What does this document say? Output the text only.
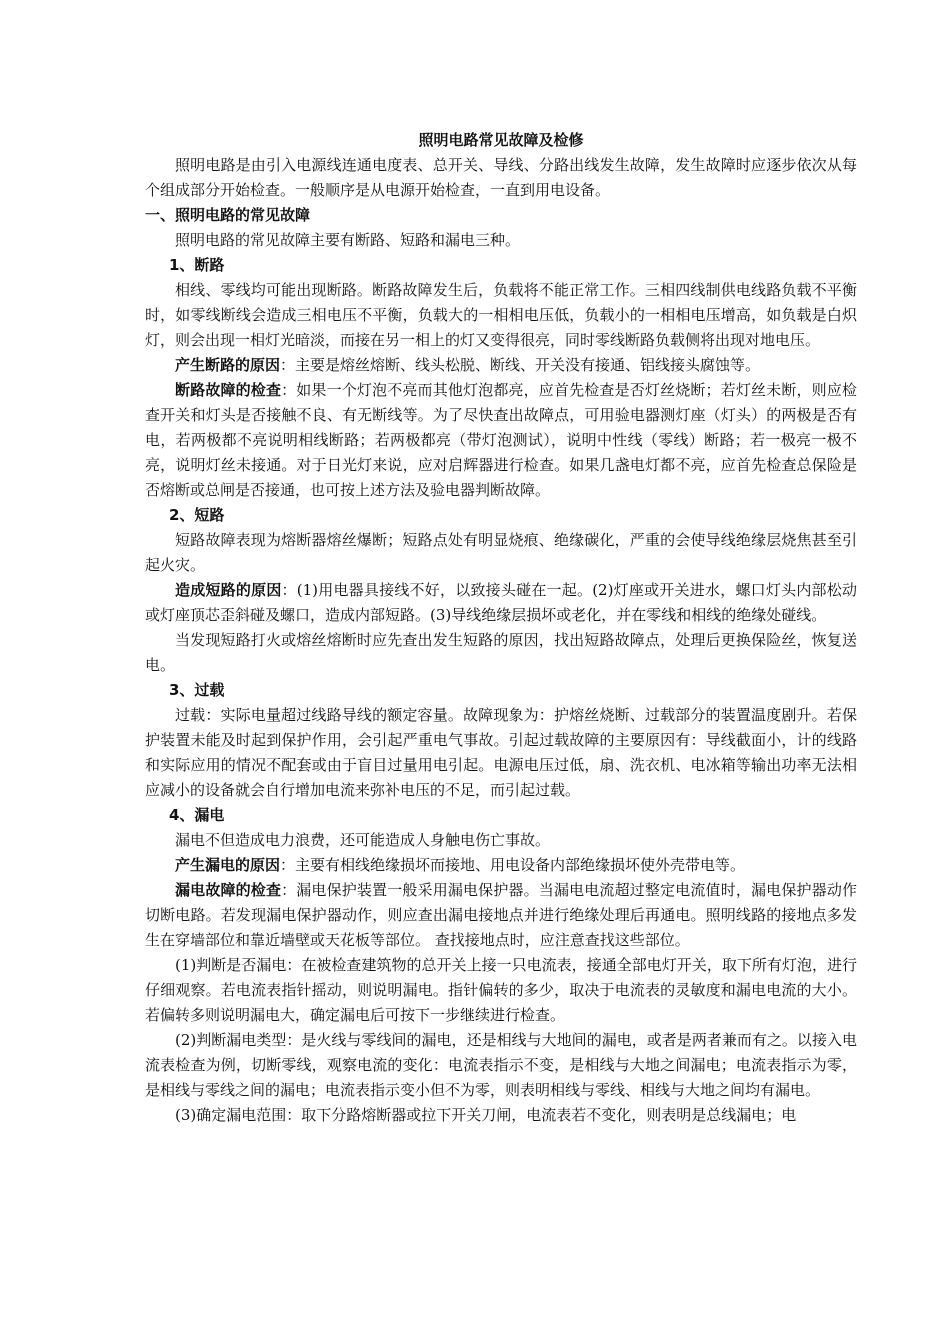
照明电路常见故障及检修

照明电路是由引入电源线连通电度表、总开关、导线、分路出线发生故障，发生故障时应逐步依次从每个组成部分开始检查。一般顺序是从电源开始检查，一直到用电设备。

一、照明电路的常见故障

照明电路的常见故障主要有断路、短路和漏电三种。

1、断路

相线、零线均可能出现断路。断路故障发生后，负载将不能正常工作。三相四线制供电线路负载不平衡时，如零线断线会造成三相电压不平衡，负载大的一相相电压低，负载小的一相相电压增高，如负载是白炽灯，则会出现一相灯光暗淡，而接在另一相上的灯又变得很亮，同时零线断路负载侧将出现对地电压。

产生断路的原因：主要是熔丝熔断、线头松脱、断线、开关没有接通、铝线接头腐蚀等。

断路故障的检查：如果一个灯泡不亮而其他灯泡都亮，应首先检查是否灯丝烧断；若灯丝未断，则应检查开关和灯头是否接触不良、有无断线等。为了尽快查出故障点，可用验电器测灯座（灯头）的两极是否有电，若两极都不亮说明相线断路；若两极都亮（带灯泡测试），说明中性线（零线）断路；若一极亮一极不亮，说明灯丝未接通。对于日光灯来说，应对启辉器进行检查。如果几盏电灯都不亮，应首先检查总保险是否熔断或总闸是否接通，也可按上述方法及验电器判断故障。

2、短路

短路故障表现为熔断器熔丝爆断；短路点处有明显烧痕、绝缘碳化，严重的会使导线绝缘层烧焦甚至引起火灾。

造成短路的原因：(1)用电器具接线不好，以致接头碰在一起。(2)灯座或开关进水，螺口灯头内部松动或灯座顶芯歪斜碰及螺口，造成内部短路。(3)导线绝缘层损坏或老化，并在零线和相线的绝缘处碰线。

当发现短路打火或熔丝熔断时应先查出发生短路的原因，找出短路故障点，处理后更换保险丝，恢复送电。

3、过载

过载：实际电量超过线路导线的额定容量。故障现象为：护熔丝烧断、过载部分的装置温度剧升。若保护装置未能及时起到保护作用，会引起严重电气事故。引起过载故障的主要原因有：导线截面小，计的线路和实际应用的情况不配套或由于盲目过量用电引起。电源电压过低，扇、洗衣机、电冰箱等输出功率无法相应减小的设备就会自行增加电流来弥补电压的不足，而引起过载。

4、漏电

漏电不但造成电力浪费，还可能造成人身触电伤亡事故。

产生漏电的原因：主要有相线绝缘损坏而接地、用电设备内部绝缘损坏使外壳带电等。

漏电故障的检查：漏电保护装置一般采用漏电保护器。当漏电电流超过整定电流值时，漏电保护器动作切断电路。若发现漏电保护器动作，则应查出漏电接地点并进行绝缘处理后再通电。照明线路的接地点多发生在穿墙部位和靠近墙壁或天花板等部位。 查找接地点时，应注意查找这些部位。

(1)判断是否漏电：在被检查建筑物的总开关上接一只电流表，接通全部电灯开关，取下所有灯泡，进行仔细观察。若电流表指针摇动，则说明漏电。指针偏转的多少，取决于电流表的灵敏度和漏电电流的大小。若偏转多则说明漏电大，确定漏电后可按下一步继续进行检查。

(2)判断漏电类型：是火线与零线间的漏电，还是相线与大地间的漏电，或者是两者兼而有之。以接入电流表检查为例，切断零线，观察电流的变化：电流表指示不变，是相线与大地之间漏电；电流表指示为零，是相线与零线之间的漏电；电流表指示变小但不为零，则表明相线与零线、相线与大地之间均有漏电。

(3)确定漏电范围：取下分路熔断器或拉下开关刀闸，电流表若不变化，则表明是总线漏电；电
